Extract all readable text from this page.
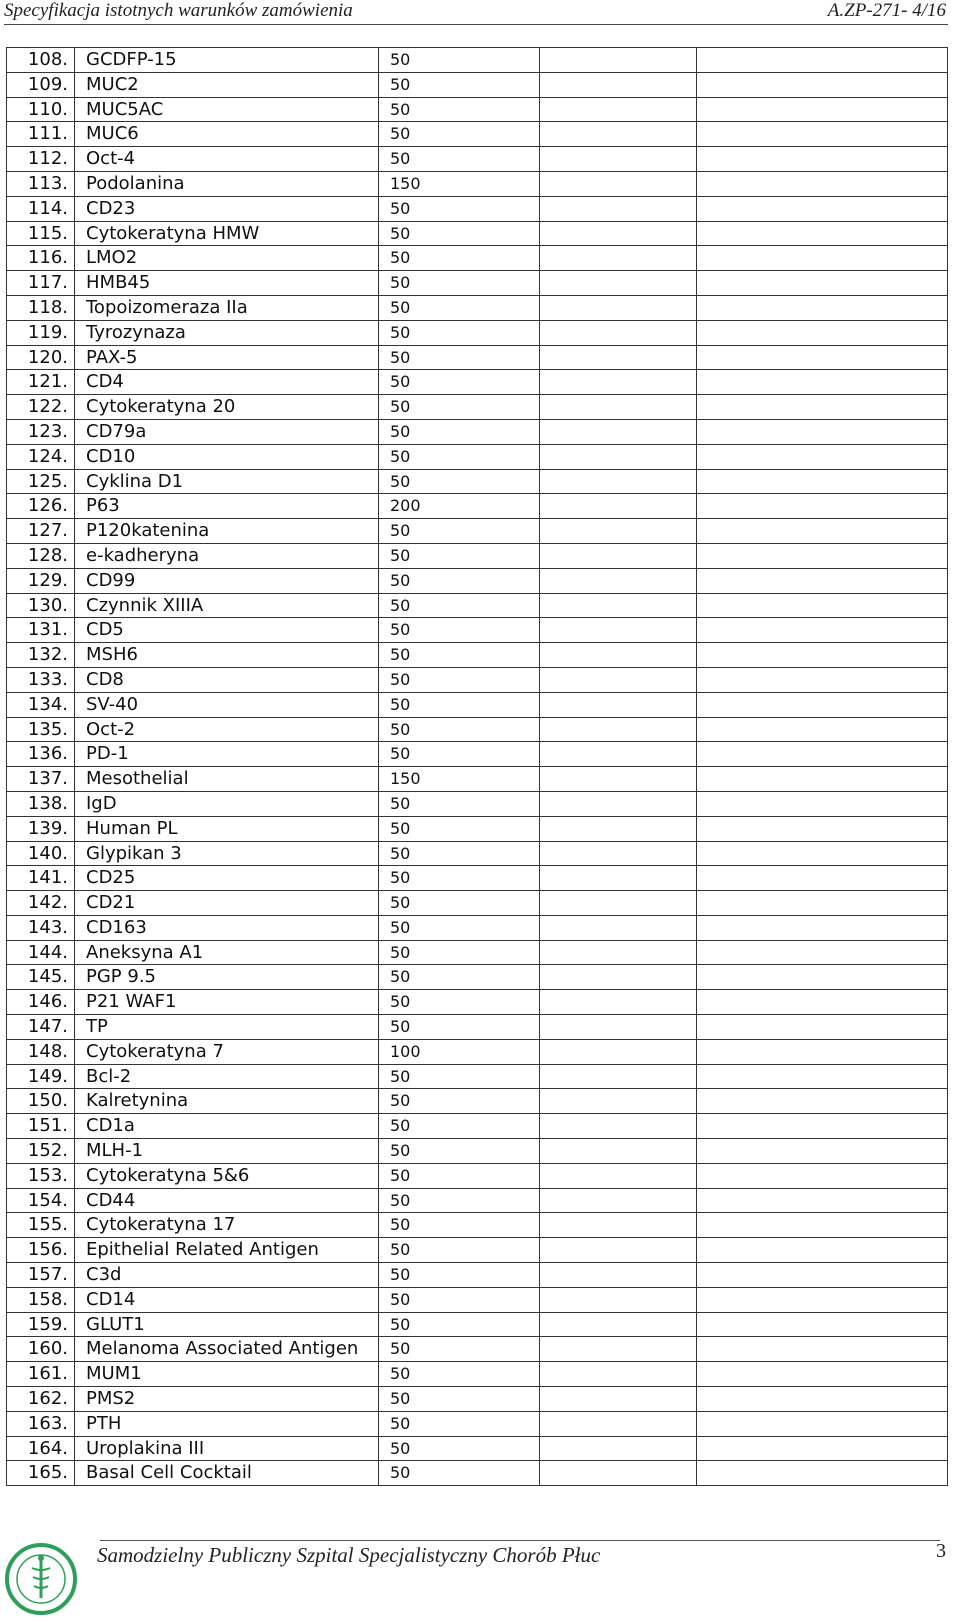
Specyfikacja istotnych warunków zamówienia	A.ZP-271- 4/16
108.	GCDFP-15	50		
109.	MUC2	50		
110.	MUC5AC	50		
111.	MUC6	50		
112.	Oct-4	50		
113.	Podolanina	150		
114.	CD23	50		
115.	Cytokeratyna HMW	50		
116.	LMO2	50		
117.	HMB45	50		
118.	Topoizomeraza IIa	50		
119.	Tyrozynaza	50		
120.	PAX-5	50		
121.	CD4	50		
122.	Cytokeratyna 20	50		
123.	CD79a	50		
124.	CD10	50		
125.	Cyklina D1	50		
126.	P63	200		
127.	P120katenina	50		
128.	e-kadheryna	50		
129.	CD99	50		
130.	Czynnik XIIIA	50		
131.	CD5	50		
132.	MSH6	50		
133.	CD8	50		
134.	SV-40	50		
135.	Oct-2	50		
136.	PD-1	50		
137.	Mesothelial	150		
138.	IgD	50		
139.	Human PL	50		
140.	Glypikan 3	50		
141.	CD25	50		
142.	CD21	50		
143.	CD163	50		
144.	Aneksyna A1	50		
145.	PGP 9.5	50		
146.	P21 WAF1	50		
147.	TP	50		
148.	Cytokeratyna 7	100		
149.	Bcl-2	50		
150.	Kalretynina	50		
151.	CD1a	50		
152.	MLH-1	50		
153.	Cytokeratyna 5&6	50		
154.	CD44	50		
155.	Cytokeratyna 17	50		
156.	Epithelial Related Antigen	50		
157.	C3d	50		
158.	CD14	50		
159.	GLUT1	50		
160.	Melanoma Associated Antigen	50		
161.	MUM1	50		
162.	PMS2	50		
163.	PTH	50		
164.	Uroplakina III	50		
165.	Basal Cell Cocktail	50		
Samodzielny Publiczny Szpital Specjalistyczny Chorób Płuc	3
